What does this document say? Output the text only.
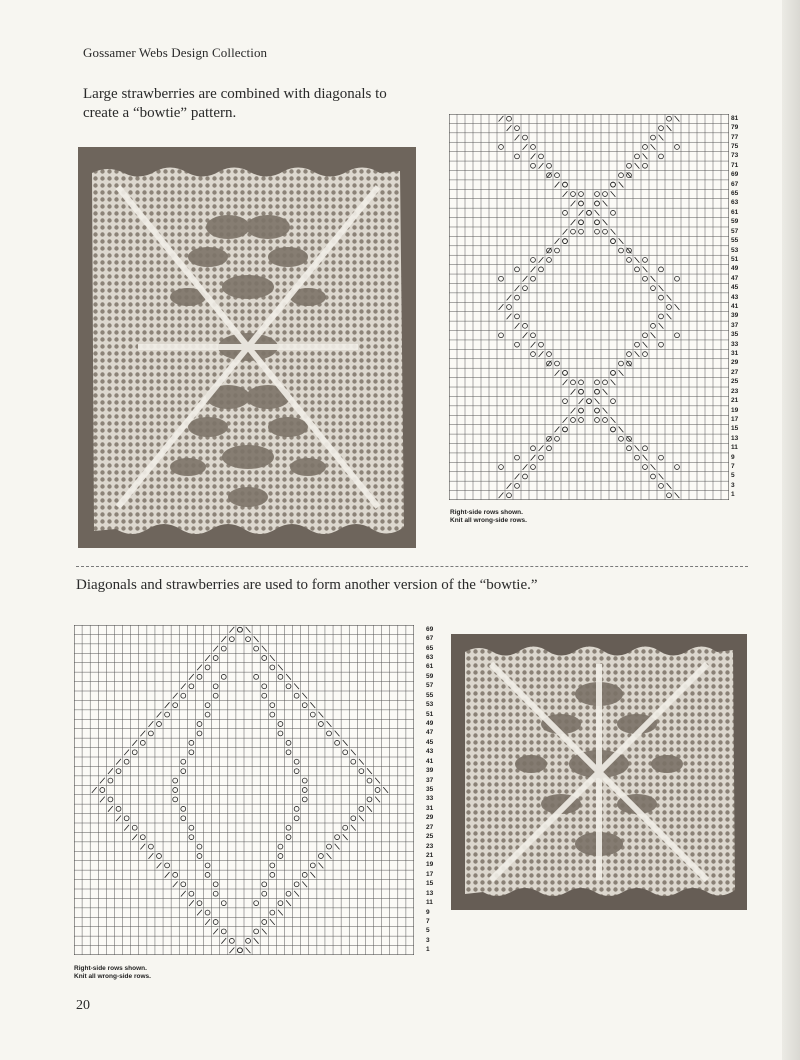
Gossamer Webs Design Collection
Large strawberries are combined with diagonals to create a “bowtie” pattern.	81
79
77
75
73
71
69
67
65
63
61
59
57
55
53
51
49
47
45
43
41
39
37
35
33
31
29
27
25
23
21
19
17
15
13
11
9
7
5
3
1
Right-side rows shown.
Knit all wrong-side rows.
Diagonals and strawberries are used to form another version of the “bowtie.”
69
67
65
63
61
59
57
55
53
51
49
47
45
43
41
39
37
35
33
31
29
27
25
23
21
19
17
15
13
11
9
7
5
3
1
Right-side rows shown.
Knit all wrong-side rows.
20
